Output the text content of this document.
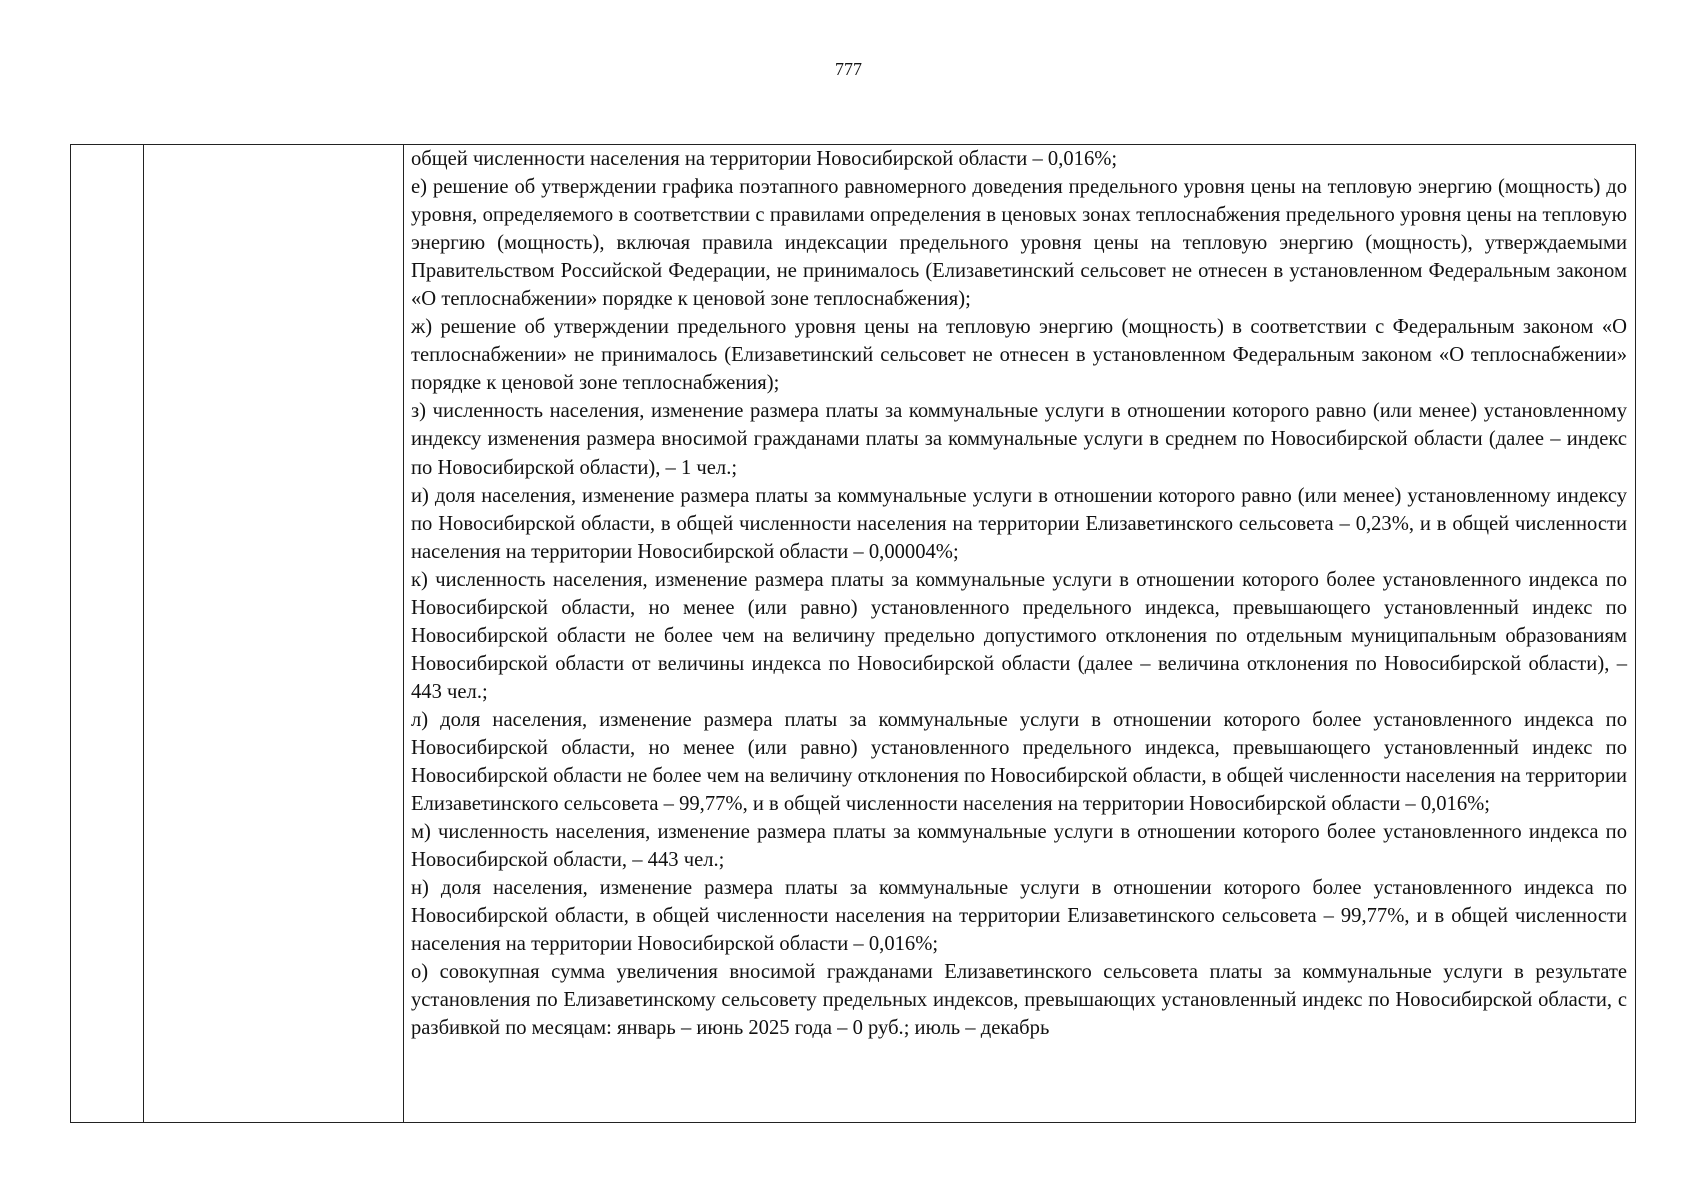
777

общей численности населения на территории Новосибирской области – 0,016%;

е) решение об утверждении графика поэтапного равномерного доведения предельного уровня цены на тепловую энергию (мощность) до уровня, определяемого в соответствии с правилами определения в ценовых зонах теплоснабжения предельного уровня цены на тепловую энергию (мощность), включая правила индексации предельного уровня цены на тепловую энергию (мощность), утверждаемыми Правительством Российской Федерации, не принималось (Елизаветинский сельсовет не отнесен в установленном Федеральным законом «О теплоснабжении» порядке к ценовой зоне теплоснабжения);

ж) решение об утверждении предельного уровня цены на тепловую энергию (мощность) в соответствии с Федеральным законом «О теплоснабжении» не принималось (Елизаветинский сельсовет не отнесен в установленном Федеральным законом «О теплоснабжении» порядке к ценовой зоне теплоснабжения);

з) численность населения, изменение размера платы за коммунальные услуги в отношении которого равно (или менее) установленному индексу изменения размера вносимой гражданами платы за коммунальные услуги в среднем по Новосибирской области (далее – индекс по Новосибирской области), – 1 чел.;

и) доля населения, изменение размера платы за коммунальные услуги в отношении которого равно (или менее) установленному индексу по Новосибирской области, в общей численности населения на территории Елизаветинского сельсовета – 0,23%, и в общей численности населения на территории Новосибирской области – 0,00004%;

к) численность населения, изменение размера платы за коммунальные услуги в отношении которого более установленного индекса по Новосибирской области, но менее (или равно) установленного предельного индекса, превышающего установленный индекс по Новосибирской области не более чем на величину предельно допустимого отклонения по отдельным муниципальным образованиям Новосибирской области от величины индекса по Новосибирской области (далее – величина отклонения по Новосибирской области), – 443 чел.;

л) доля населения, изменение размера платы за коммунальные услуги в отношении которого более установленного индекса по Новосибирской области, но менее (или равно) установленного предельного индекса, превышающего установленный индекс по Новосибирской области не более чем на величину отклонения по Новосибирской области, в общей численности населения на территории Елизаветинского сельсовета – 99,77%, и в общей численности населения на территории Новосибирской области – 0,016%;

м) численность населения, изменение размера платы за коммунальные услуги в отношении которого более установленного индекса по Новосибирской области, – 443 чел.;

н) доля населения, изменение размера платы за коммунальные услуги в отношении которого более установленного индекса по Новосибирской области, в общей численности населения на территории Елизаветинского сельсовета – 99,77%, и в общей численности населения на территории Новосибирской области – 0,016%;

о) совокупная сумма увеличения вносимой гражданами Елизаветинского сельсовета платы за коммунальные услуги в результате установления по Елизаветинскому сельсовету предельных индексов, превышающих установленный индекс по Новосибирской области, с разбивкой по месяцам: январь – июнь 2025 года – 0 руб.; июль – декабрь
